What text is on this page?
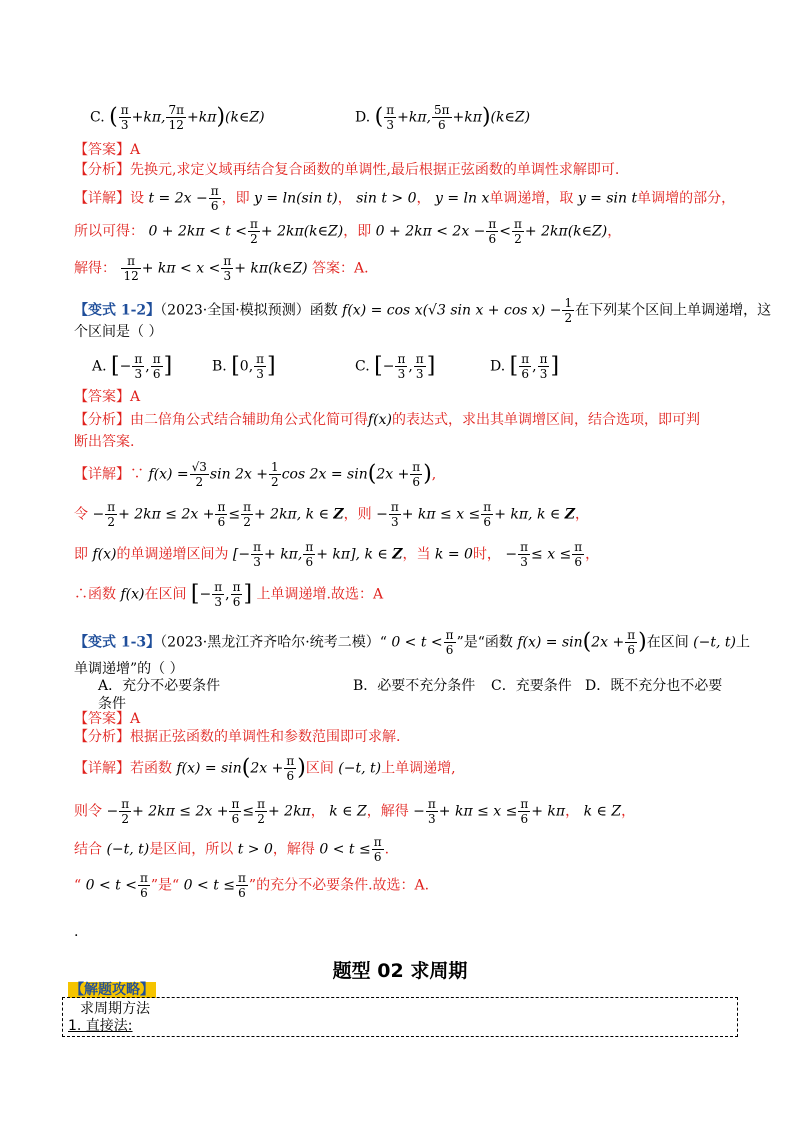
C. ( $\frac{\pi}{3} +k\pi$, $\frac{7\pi}{12}$ +kπ)(k∈Z)	D. ( $\frac{\pi}{3} +k\pi$, $\frac{5\pi}{6}$ +kπ)(k∈Z)
【答案】A
【分析】先换元,求定义域再结合复合函数的单调性,最后根据正弦函数的单调性求解即可.
【详解】设 $t = 2x - \frac{\pi}{6}$ ，即 y = ln(sin t)， sin t > 0， y = ln x单调递增，取 y = sin t单调增的部分，
所以可得： $0 + 2k\pi < t < \frac{\pi}{2}$ + 2kπ(k∈Z)，即 $0 + 2k\pi < 2x - \frac{\pi}{6} < \frac{\pi}{2}$ + 2kπ(k∈Z)，
解得： $\frac{\pi}{12} + k\pi < x < \frac{\pi}{3}$ + kπ(k∈Z) 答案：A.
【变式 1-2】（2023·全国·模拟预测）函数 f(x) = cos x(√3 $\sin x + \cos x) - \frac{1}{2}$ 在下列某个区间上单调递增，这
个区间是（ ）
A. [− $\frac{\pi}{3}$ , $\frac{\pi}{6}$ ]	B. [0, $\frac{\pi}{3}$ ]	C. [− $\frac{\pi}{3}$ , $\frac{\pi}{3}$ ]	D. [ $\frac{\pi}{6}$ , $\frac{\pi}{3}$ ]
【答案】A
【分析】由二倍角公式结合辅助角公式化简可得f(x)的表达式，求出其单调增区间，结合选项，即可判
断出答案.
【详解】∵ $f(x) = \frac{√3}{2}$ $\sin 2x + \frac{1}{2}$ $\cos 2x = \sin(2x + \frac{\pi}{6}$ ),
令 − $\frac{\pi}{2} + 2k\pi \le 2x + \frac{\pi}{6} \le \frac{\pi}{2} + 2k\pi$, k ∈ Z，则 − $\frac{\pi}{3} + k\pi \le x \le \frac{\pi}{6} + k\pi$, k ∈ Z，
即 f(x)的单调递增区间为 [− $\frac{\pi}{3} + k\pi$, $\frac{\pi}{6} + k\pi$], k ∈ Z，当 k = 0时， − $\frac{\pi}{3} \le x \le \frac{\pi}{6}$ ，
∴函数 f(x)在区间 [− $\frac{\pi}{3}$ , $\frac{\pi}{6}$ ] 上单调递增.故选：A
【变式 1-3】（2023·黑龙江齐齐哈尔·统考二模）“ $0 < t < \frac{\pi}{6}$ ”是“函数 $f(x) = \sin(2x + \frac{\pi}{6}$ )在区间 (−t, t)上
单调递增”的（ ）
A．充分不必要条件	B．必要不充分条件 C．充要条件 D．既不充分也不必要
条件
【答案】A
【分析】根据正弦函数的单调性和参数范围即可求解.
【详解】若函数 $f(x) = \sin(2x + \frac{\pi}{6}$ )区间 (−t, t)上单调递增,
则令 − $\frac{\pi}{2} + 2k\pi \le 2x + \frac{\pi}{6} \le \frac{\pi}{2} + 2k\pi$， k ∈ Z，解得 − $\frac{\pi}{3} + k\pi \le x \le \frac{\pi}{6} + k\pi$， k ∈ Z，
结合 (−t, t)是区间，所以 t > 0，解得 $0 < t \le \frac{\pi}{6}$ .
“ $0 < t < \frac{\pi}{6}$ ”是“ $0 < t \le \frac{\pi}{6}$ ”的充分不必要条件.故选：A.
.
题型 02 求周期
【解题攻略】
求周期方法
1. 直接法:
